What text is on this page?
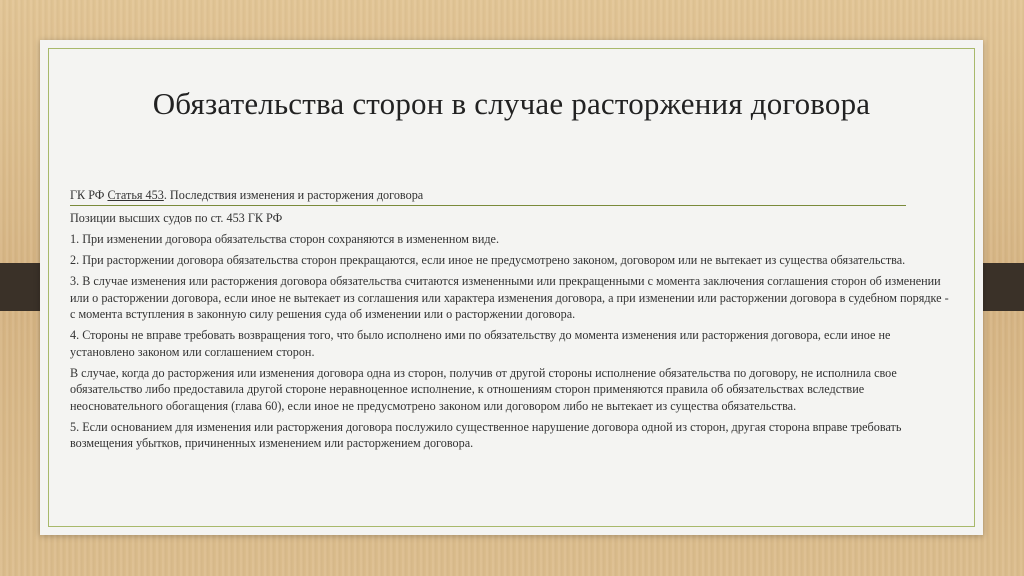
Обязательства сторон в случае расторжения договора

ГК РФ Статья 453. Последствия изменения и расторжения договора

Позиции высших судов по ст. 453 ГК РФ

1. При изменении договора обязательства сторон сохраняются в измененном виде.

2. При расторжении договора обязательства сторон прекращаются, если иное не предусмотрено законом, договором или не вытекает из существа обязательства.

3. В случае изменения или расторжения договора обязательства считаются измененными или прекращенными с момента заключения соглашения сторон об изменении или о расторжении договора, если иное не вытекает из соглашения или характера изменения договора, а при изменении или расторжении договора в судебном порядке - с момента вступления в законную силу решения суда об изменении или о расторжении договора.

4. Стороны не вправе требовать возвращения того, что было исполнено ими по обязательству до момента изменения или расторжения договора, если иное не установлено законом или соглашением сторон.

В случае, когда до расторжения или изменения договора одна из сторон, получив от другой стороны исполнение обязательства по договору, не исполнила свое обязательство либо предоставила другой стороне неравноценное исполнение, к отношениям сторон применяются правила об обязательствах вследствие неосновательного обогащения (глава 60), если иное не предусмотрено законом или договором либо не вытекает из существа обязательства.

5. Если основанием для изменения или расторжения договора послужило существенное нарушение договора одной из сторон, другая сторона вправе требовать возмещения убытков, причиненных изменением или расторжением договора.
